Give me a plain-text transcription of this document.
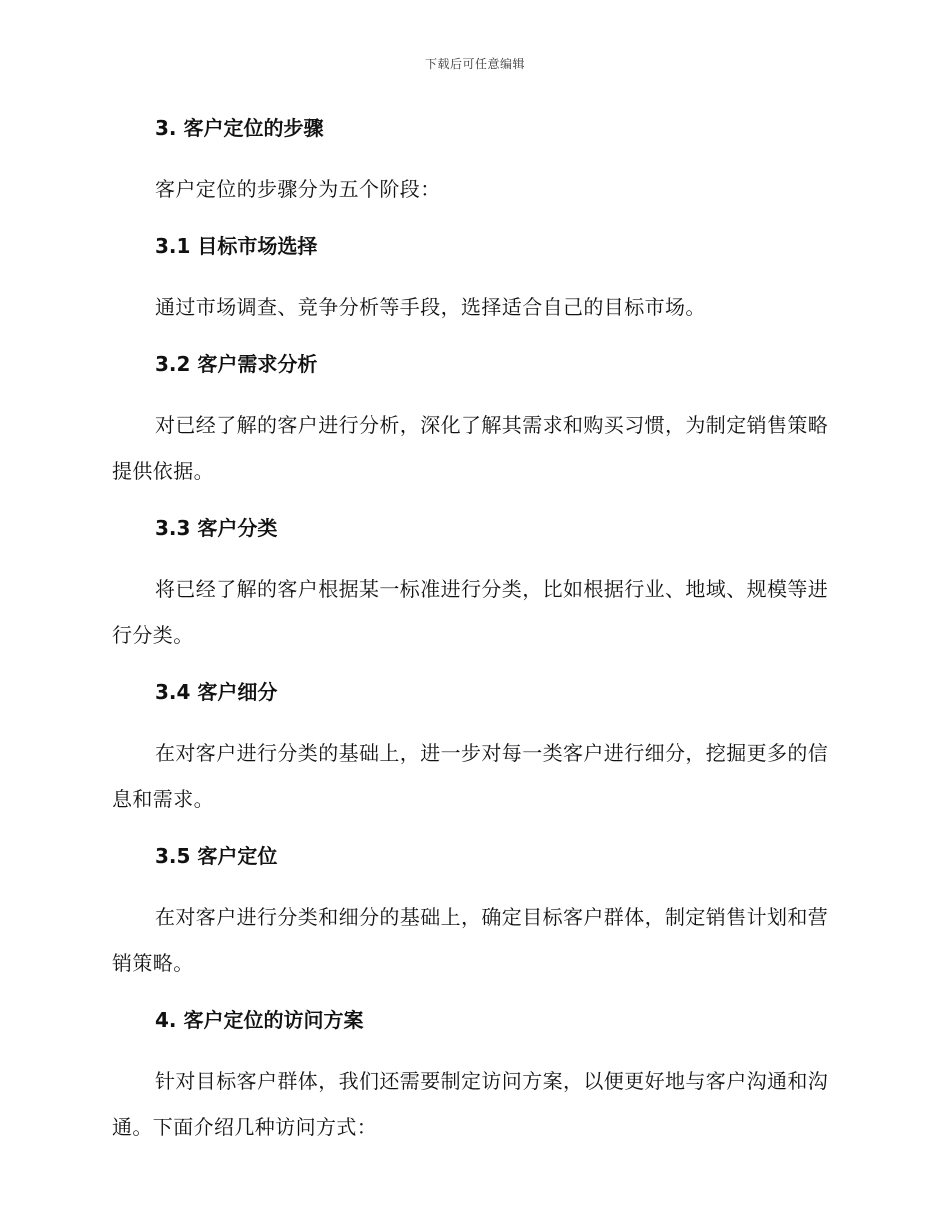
下载后可任意编辑
3. 客户定位的步骤

客户定位的步骤分为五个阶段：

3.1 目标市场选择

通过市场调查、竞争分析等手段，选择适合自己的目标市场。

3.2 客户需求分析

对已经了解的客户进行分析，深化了解其需求和购买习惯，为制定销售策略提供依据。

3.3 客户分类

将已经了解的客户根据某一标准进行分类，比如根据行业、地域、规模等进行分类。

3.4 客户细分

在对客户进行分类的基础上，进一步对每一类客户进行细分，挖掘更多的信息和需求。

3.5 客户定位

在对客户进行分类和细分的基础上，确定目标客户群体，制定销售计划和营销策略。

4. 客户定位的访问方案

针对目标客户群体，我们还需要制定访问方案，以便更好地与客户沟通和沟通。下面介绍几种访问方式：
